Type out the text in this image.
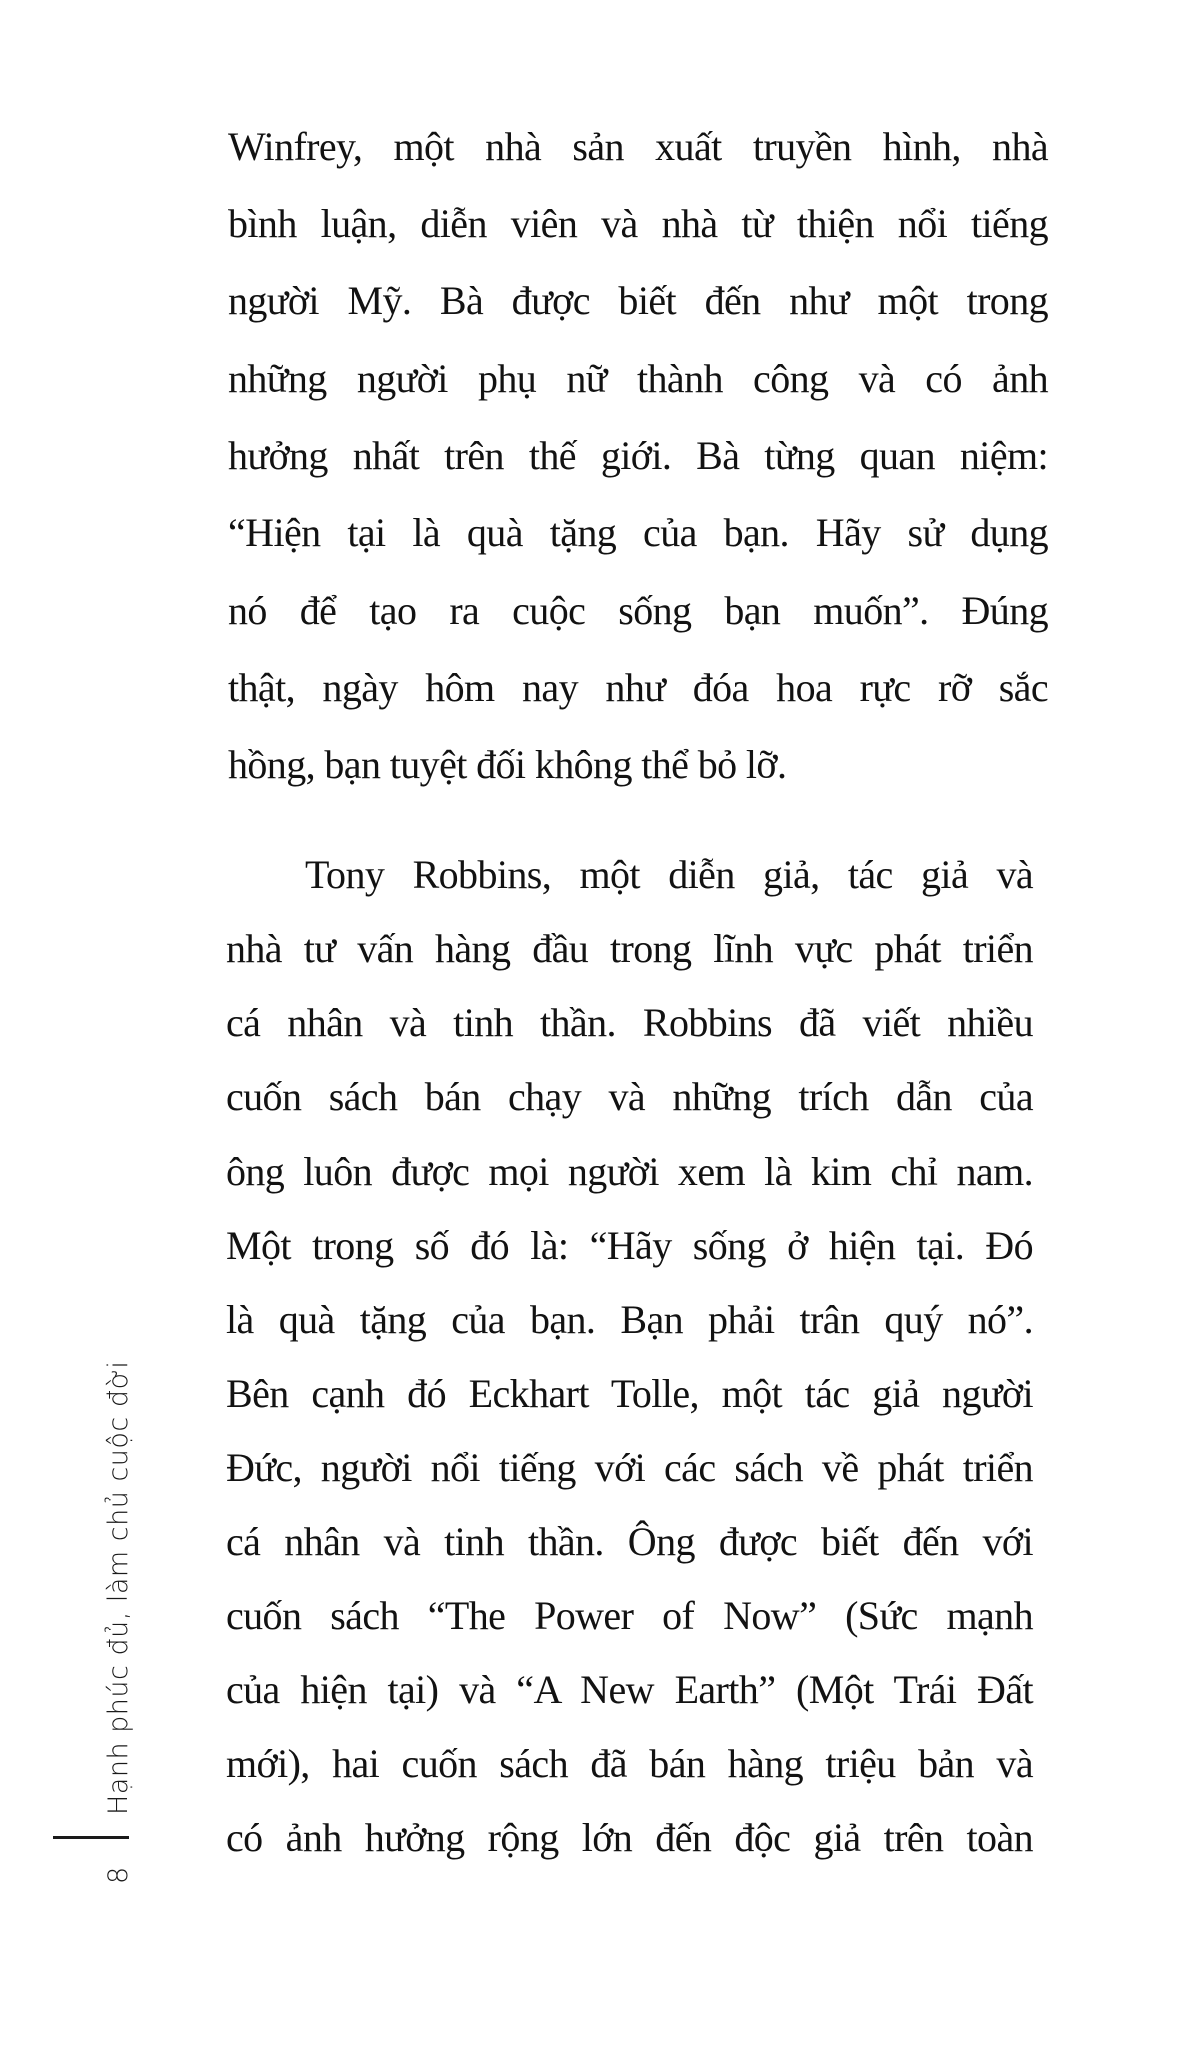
Hạnh phúc đủ, làm chủ cuộc đời
8
Winfrey, một nhà sản xuất truyền hình, nhà
bình luận, diễn viên và nhà từ thiện nổi tiếng
người Mỹ. Bà được biết đến như một trong
những người phụ nữ thành công và có ảnh
hưởng nhất trên thế giới. Bà từng quan niệm:
“Hiện tại là quà tặng của bạn. Hãy sử dụng
nó để tạo ra cuộc sống bạn muốn”. Đúng
thật, ngày hôm nay như đóa hoa rực rỡ sắc
hồng, bạn tuyệt đối không thể bỏ lỡ.
Tony Robbins, một diễn giả, tác giả và
nhà tư vấn hàng đầu trong lĩnh vực phát triển
cá nhân và tinh thần. Robbins đã viết nhiều
cuốn sách bán chạy và những trích dẫn của
ông luôn được mọi người xem là kim chỉ nam.
Một trong số đó là: “Hãy sống ở hiện tại. Đó
là quà tặng của bạn. Bạn phải trân quý nó”.
Bên cạnh đó Eckhart Tolle, một tác giả người
Đức, người nổi tiếng với các sách về phát triển
cá nhân và tinh thần. Ông được biết đến với
cuốn sách “The Power of Now” (Sức mạnh
của hiện tại) và “A New Earth” (Một Trái Đất
mới), hai cuốn sách đã bán hàng triệu bản và
có ảnh hưởng rộng lớn đến độc giả trên toàn
